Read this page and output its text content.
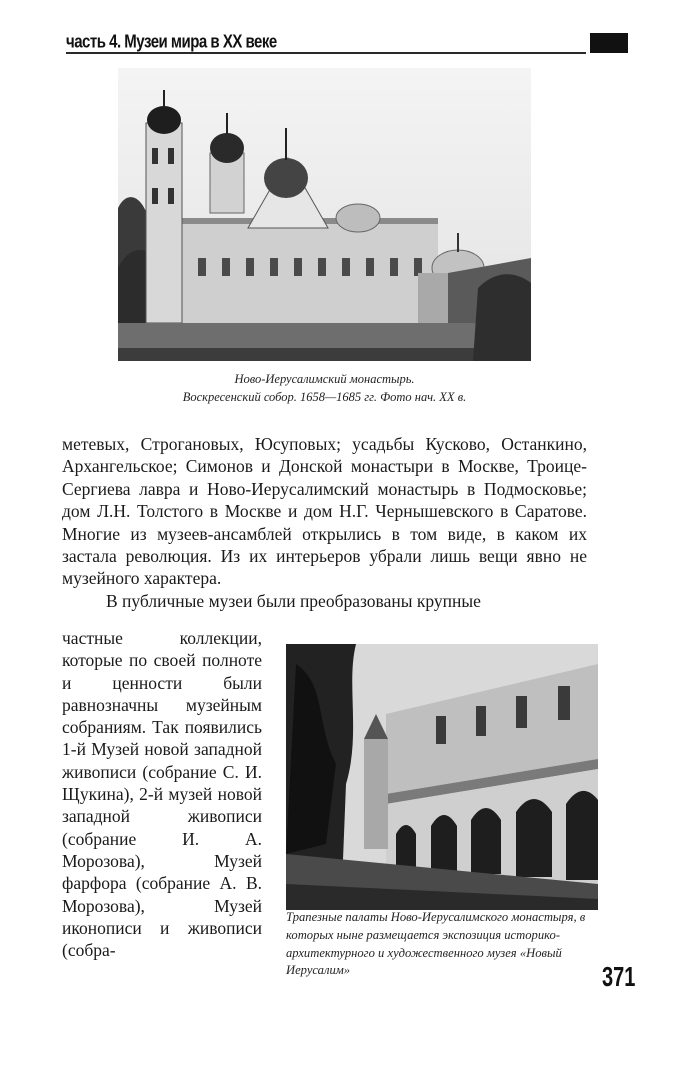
часть 4. Музеи мира в ХХ веке
Ново-Иерусалимский монастырь.
Воскресенский собор. 1658—1685 гг. Фото нач. ХХ в.

метевых, Строгановых, Юсуповых; усадьбы Кусково, Останкино, Архангельское; Симонов и Донской монастыри в Москве, Троице-Сергиева лавра и Ново-Иерусалимский монастырь в Подмосковье; дом Л.Н. Толстого в Москве и дом Н.Г. Чернышевского в Саратове. Многие из музеев-ансамблей открылись в том виде, в каком их застала революция. Из их интерьеров убрали лишь вещи явно не музейного характера.

В публичные музеи были преобразованы крупные

частные коллекции, которые по своей полноте и ценности были равнозначны музейным собраниям. Так появились 1-й Музей новой западной живописи (собрание С. И. Щукина), 2-й музей новой западной живописи (собрание И. А. Морозова), Музей фарфора (собрание А. В. Морозова), Музей иконописи и живописи (собра-
Трапезные палаты Ново-Иерусалимского монастыря, в которых ныне размещается экспозиция историко-архитектурного и художественного музея «Новый Иерусалим»	371
